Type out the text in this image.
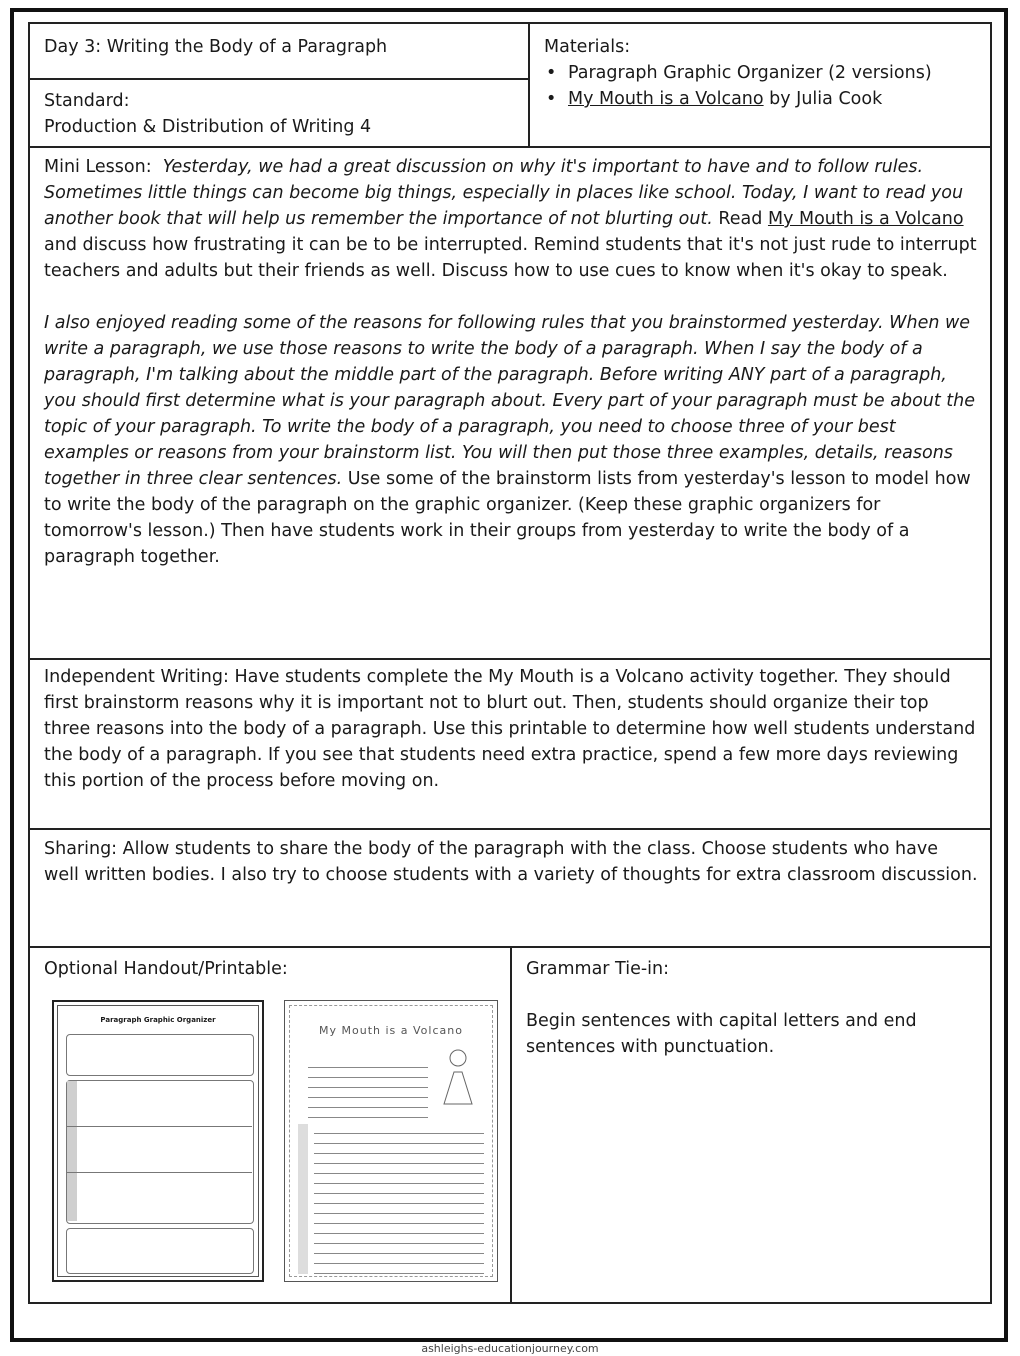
Day 3: Writing the Body of a Paragraph

Standard:

Production & Distribution of Writing 4

Materials:

• Paragraph Graphic Organizer (2 versions)
• My Mouth is a Volcano by Julia Cook

Mini Lesson: Yesterday, we had a great discussion on why it's important to have and to follow rules. Sometimes little things can become big things, especially in places like school. Today, I want to read you another book that will help us remember the importance of not blurting out. Read My Mouth is a Volcano and discuss how frustrating it can be to be interrupted. Remind students that it's not just rude to interrupt teachers and adults but their friends as well. Discuss how to use cues to know when it's okay to speak.

I also enjoyed reading some of the reasons for following rules that you brainstormed yesterday. When we write a paragraph, we use those reasons to write the body of a paragraph. When I say the body of a paragraph, I'm talking about the middle part of the paragraph. Before writing ANY part of a paragraph, you should first determine what is your paragraph about. Every part of your paragraph must be about the topic of your paragraph. To write the body of a paragraph, you need to choose three of your best examples or reasons from your brainstorm list. You will then put those three examples, details, reasons together in three clear sentences. Use some of the brainstorm lists from yesterday's lesson to model how to write the body of the paragraph on the graphic organizer. (Keep these graphic organizers for tomorrow's lesson.) Then have students work in their groups from yesterday to write the body of a paragraph together.

Independent Writing: Have students complete the My Mouth is a Volcano activity together. They should first brainstorm reasons why it is important not to blurt out. Then, students should organize their top three reasons into the body of a paragraph. Use this printable to determine how well students understand the body of a paragraph. If you see that students need extra practice, spend a few more days reviewing this portion of the process before moving on.

Sharing: Allow students to share the body of the paragraph with the class. Choose students who have well written bodies. I also try to choose students with a variety of thoughts for extra classroom discussion.

Optional Handout/Printable:

Paragraph Graphic Organizer
My Mouth is a Volcano

Grammar Tie-in:

Begin sentences with capital letters and end sentences with punctuation.

ashleighs-educationjourney.com
